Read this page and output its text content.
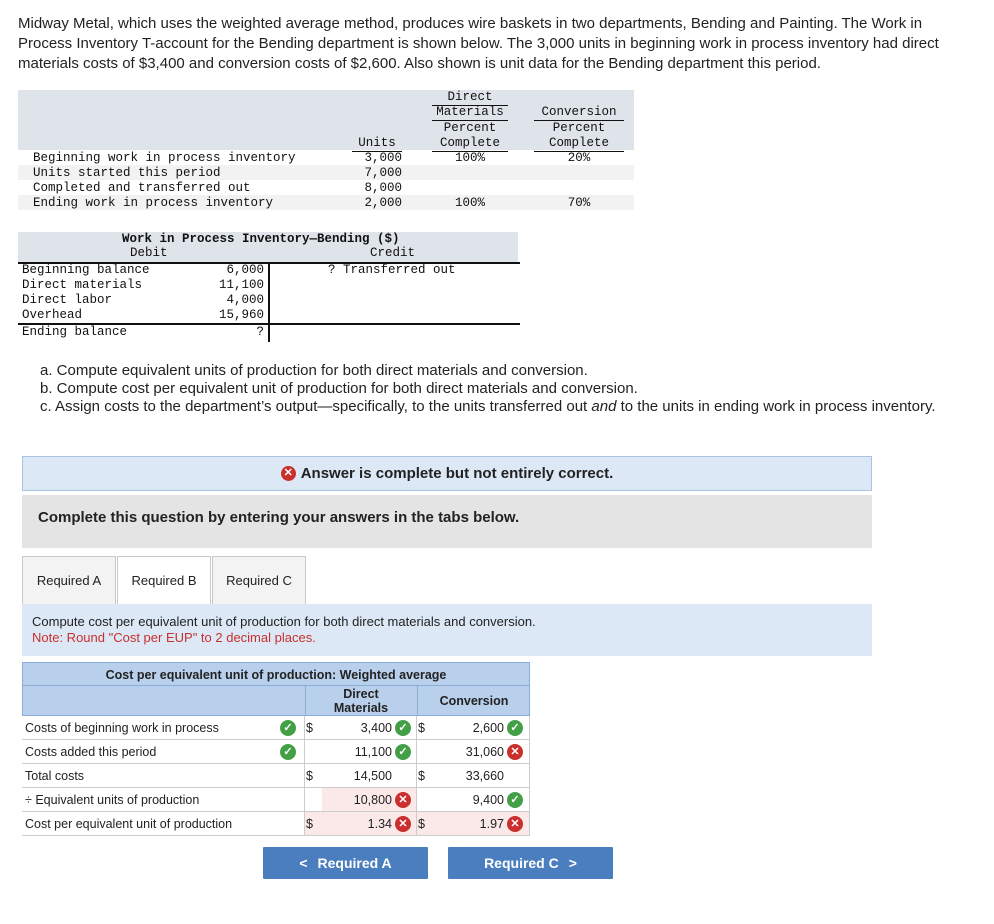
Midway Metal, which uses the weighted average method, produces wire baskets in two departments, Bending and Painting. The Work in Process Inventory T-account for the Bending department is shown below. The 3,000 units in beginning work in process inventory had direct materials costs of $3,400 and conversion costs of $2,600. Also shown is unit data for the Bending department this period.
Direct
Materials
Percent
Complete
Conversion
Percent
Complete
Units
Beginning work in process inventory	3,000	100%	20%
Units started this period	7,000
Completed and transferred out	8,000
Ending work in process inventory	2,000	100%	70%
Work in Process Inventory—Bending ($)
Debit	Credit
Beginning balance	6,000
Direct materials	11,100
Direct labor	4,000
Overhead	15,960
? Transferred out
Ending balance	?
a. Compute equivalent units of production for both direct materials and conversion.
b. Compute cost per equivalent unit of production for both direct materials and conversion.
c. Assign costs to the department’s output—specifically, to the units transferred out and to the units in ending work in process inventory.
✕ Answer is complete but not entirely correct.
Complete this question by entering your answers in the tabs below.
Required A	Required B	Required C
Compute cost per equivalent unit of production for both direct materials and conversion.
Note: Round "Cost per EUP" to 2 decimal places.
Cost per equivalent unit of production: Weighted average
Direct
Materials	Conversion
Costs of beginning work in process	✓ $	3,400 ✓ $	2,600 ✓
Costs added this period	✓	11,100 ✓	31,060 ✕
Total costs	$	14,500 $	33,660
÷ Equivalent units of production	10,800 ✕	9,400 ✓
Cost per equivalent unit of production	$	1.34 ✕ $	1.97 ✕
< Required A	Required C >
